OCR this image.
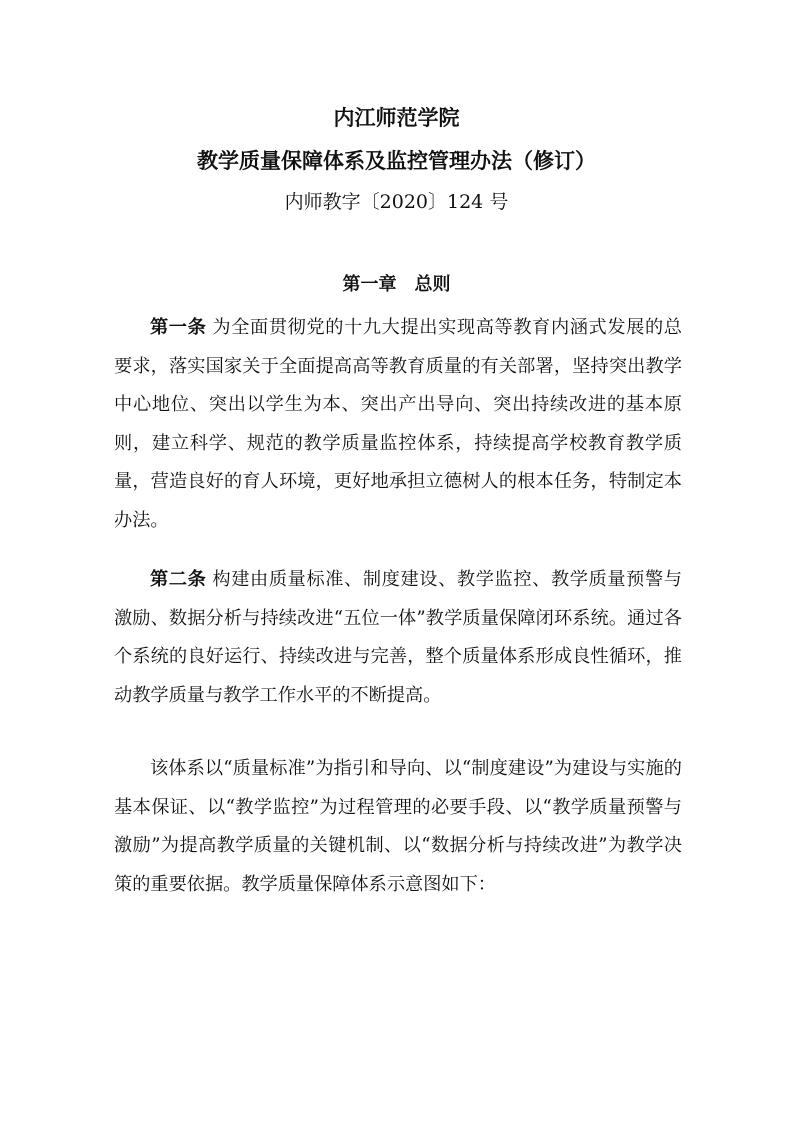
内江师范学院
教学质量保障体系及监控管理办法（修订）
内师教字〔2020〕124 号
第一章　总则

第一条 为全面贯彻党的十九大提出实现高等教育内涵式发展的总要求，落实国家关于全面提高高等教育质量的有关部署，坚持突出教学中心地位、突出以学生为本、突出产出导向、突出持续改进的基本原则，建立科学、规范的教学质量监控体系，持续提高学校教育教学质量，营造良好的育人环境，更好地承担立德树人的根本任务，特制定本办法。

第二条 构建由质量标准、制度建设、教学监控、教学质量预警与激励、数据分析与持续改进“五位一体”教学质量保障闭环系统。通过各个系统的良好运行、持续改进与完善，整个质量体系形成良性循环，推动教学质量与教学工作水平的不断提高。

该体系以“质量标准”为指引和导向、以“制度建设”为建设与实施的基本保证、以“教学监控”为过程管理的必要手段、以“教学质量预警与激励”为提高教学质量的关键机制、以“数据分析与持续改进”为教学决策的重要依据。教学质量保障体系示意图如下：
